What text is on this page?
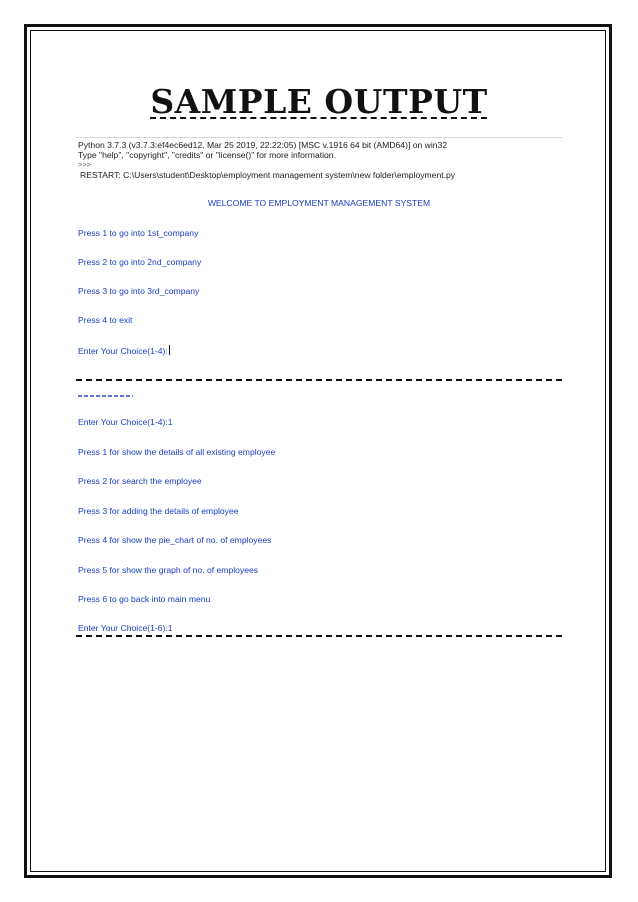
SAMPLE OUTPUT
Python 3.7.3 (v3.7.3:ef4ec6ed12, Mar 25 2019, 22:22:05) [MSC v.1916 64 bit (AMD64)] on win32
Type "help", "copyright", "credits" or "license()" for more information.
>>>
RESTART: C:\Users\student\Desktop\employment management system\new folder\employment.py
WELCOME TO EMPLOYMENT MANAGEMENT SYSTEM
Press 1 to go into 1st_company
Press 2 to go into 2nd_company
Press 3 to go into 3rd_company
Press 4 to exit
Enter Your Choice(1-4):
Enter Your Choice(1-4):1
Press 1 for show the details of all existing employee
Press 2 for search the employee
Press 3 for adding the details of employee
Press 4 for show the pie_chart of no. of employees
Press 5 for show the graph of no. of employees
Press 6 to go back into main menu
Enter Your Choice(1-6):1
